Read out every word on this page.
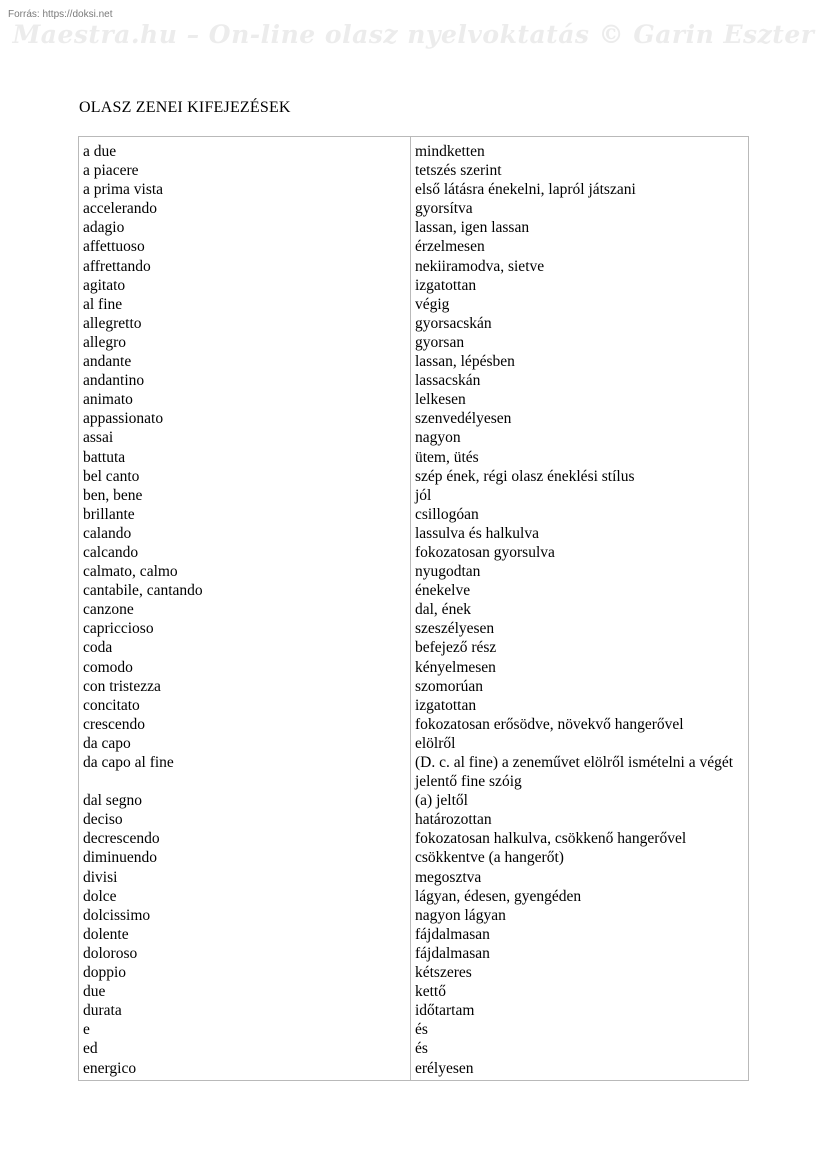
Forrás: https://doksi.net
Maestra.hu – On-line olasz nyelvoktatás © Garin Eszter
OLASZ ZENEI KIFEJEZÉSEK
a due	mindketten
a piacere	tetszés szerint
a prima vista	első látásra énekelni, lapról játszani
accelerando	gyorsítva
adagio	lassan, igen lassan
affettuoso	érzelmesen
affrettando	nekiiramodva, sietve
agitato	izgatottan
al fine	végig
allegretto	gyorsacskán
allegro	gyorsan
andante	lassan, lépésben
andantino	lassacskán
animato	lelkesen
appassionato	szenvedélyesen
assai	nagyon
battuta	ütem, ütés
bel canto	szép ének, régi olasz éneklési stílus
ben, bene	jól
brillante	csillogóan
calando	lassulva és halkulva
calcando	fokozatosan gyorsulva
calmato, calmo	nyugodtan
cantabile, cantando	énekelve
canzone	dal, ének
capriccioso	szeszélyesen
coda	befejező rész
comodo	kényelmesen
con tristezza	szomorúan
concitato	izgatottan
crescendo	fokozatosan erősödve, növekvő hangerővel
da capo	elölről
da capo al fine	(D. c. al fine) a zeneművet elölről ismételni a végét jelentő fine szóig
dal segno	(a) jeltől
deciso	határozottan
decrescendo	fokozatosan halkulva, csökkenő hangerővel
diminuendo	csökkentve (a hangerőt)
divisi	megosztva
dolce	lágyan, édesen, gyengéden
dolcissimo	nagyon lágyan
dolente	fájdalmasan
doloroso	fájdalmasan
doppio	kétszeres
due	kettő
durata	időtartam
e	és
ed	és
energico	erélyesen
